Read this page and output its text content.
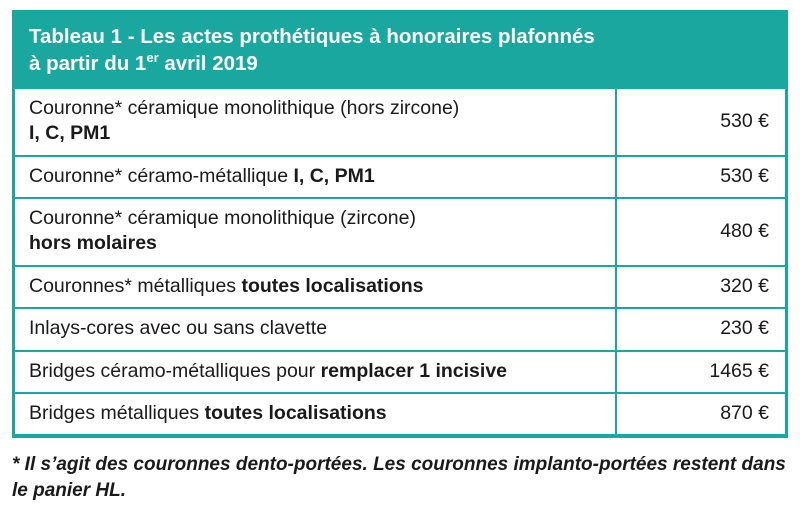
Tableau 1 - Les actes prothétiques à honoraires plafonnés
à partir du 1er avril 2019
Couronne* céramique monolithique (hors zircone)
I, C, PM1	530 €
Couronne* céramo-métallique I, C, PM1	530 €
Couronne* céramique monolithique (zircone)
hors molaires	480 €
Couronnes* métalliques toutes localisations	320 €
Inlays-cores avec ou sans clavette	230 €
Bridges céramo-métalliques pour remplacer 1 incisive	1465 €
Bridges métalliques toutes localisations	870 €
* Il s’agit des couronnes dento-portées. Les couronnes implanto-portées restent dans le panier HL.
